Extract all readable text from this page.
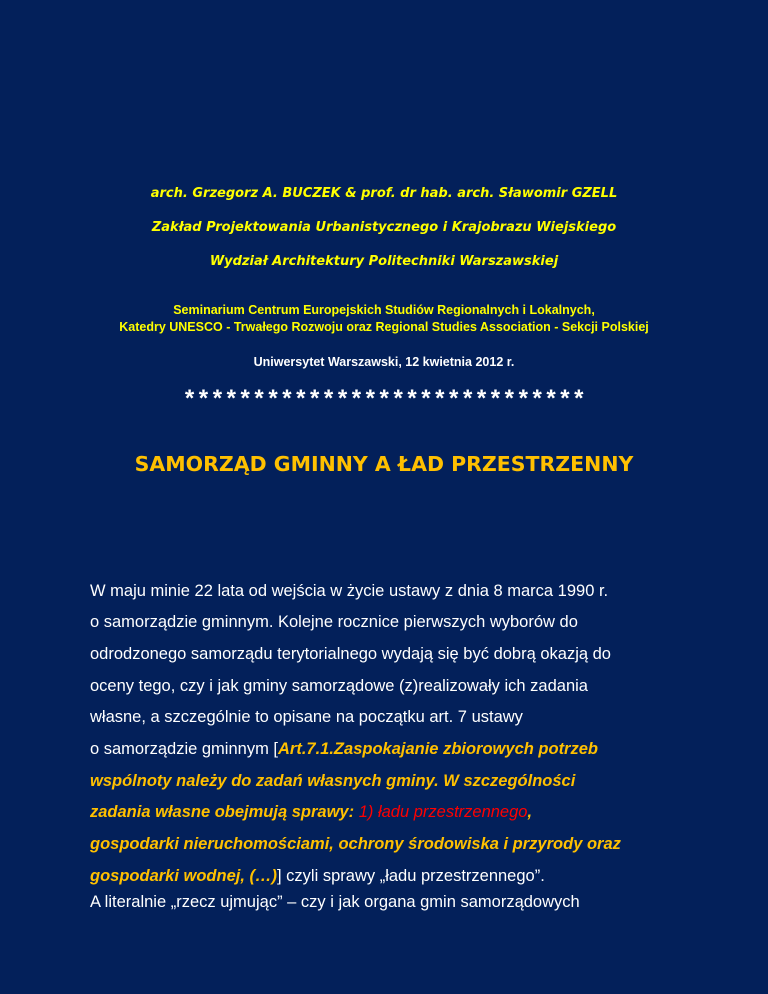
arch. Grzegorz A. BUCZEK & prof. dr hab. arch. Sławomir GZELL
Zakład Projektowania Urbanistycznego i Krajobrazu Wiejskiego
Wydział Architektury Politechniki Warszawskiej
Seminarium Centrum Europejskich Studiów Regionalnych i Lokalnych,
Katedry UNESCO - Trwałego Rozwoju oraz Regional Studies Association - Sekcji Polskiej
Uniwersytet Warszawski, 12 kwietnia 2012 r.
*****************************
SAMORZĄD GMINNY A ŁAD PRZESTRZENNY
W maju minie 22 lata od wejścia w życie ustawy z dnia 8 marca 1990 r.
o samorządzie gminnym. Kolejne rocznice pierwszych wyborów do
odrodzonego samorządu terytorialnego wydają się być dobrą okazją do
oceny tego, czy i jak gminy samorządowe (z)realizowały ich zadania
własne, a szczególnie to opisane na początku art. 7 ustawy
o samorządzie gminnym [Art.7.1.Zaspokajanie zbiorowych potrzeb
wspólnoty należy do zadań własnych gminy. W szczególności
zadania własne obejmują sprawy: 1) ładu przestrzennego,
gospodarki nieruchomościami, ochrony środowiska i przyrody oraz
gospodarki wodnej, (…)] czyli sprawy „ładu przestrzennego”.
A literalnie „rzecz ujmując” – czy i jak organa gmin samorządowych
